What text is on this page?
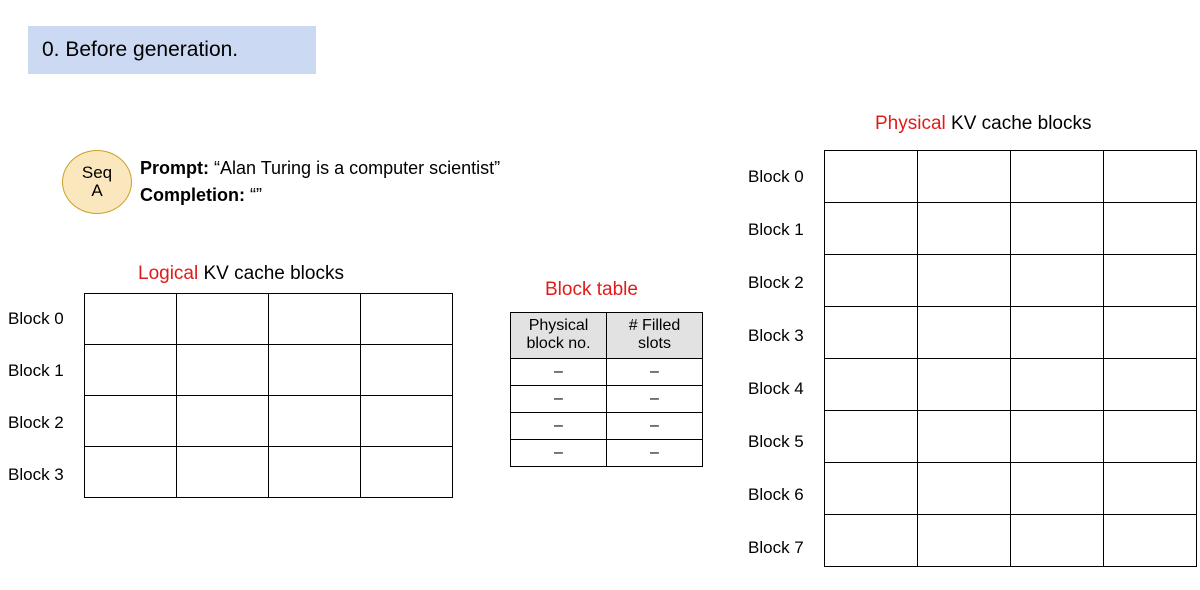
0. Before generation.
Seq
A
Prompt: “Alan Turing is a computer scientist”
Completion: “”
Logical KV cache blocks

Block 0
Block 1
Block 2
Block 3
Block table
Physical block no.	# Filled slots
–	–
–	–
–	–
–	–
Physical KV cache blocks

Block 0
Block 1
Block 2
Block 3
Block 4
Block 5
Block 6
Block 7
